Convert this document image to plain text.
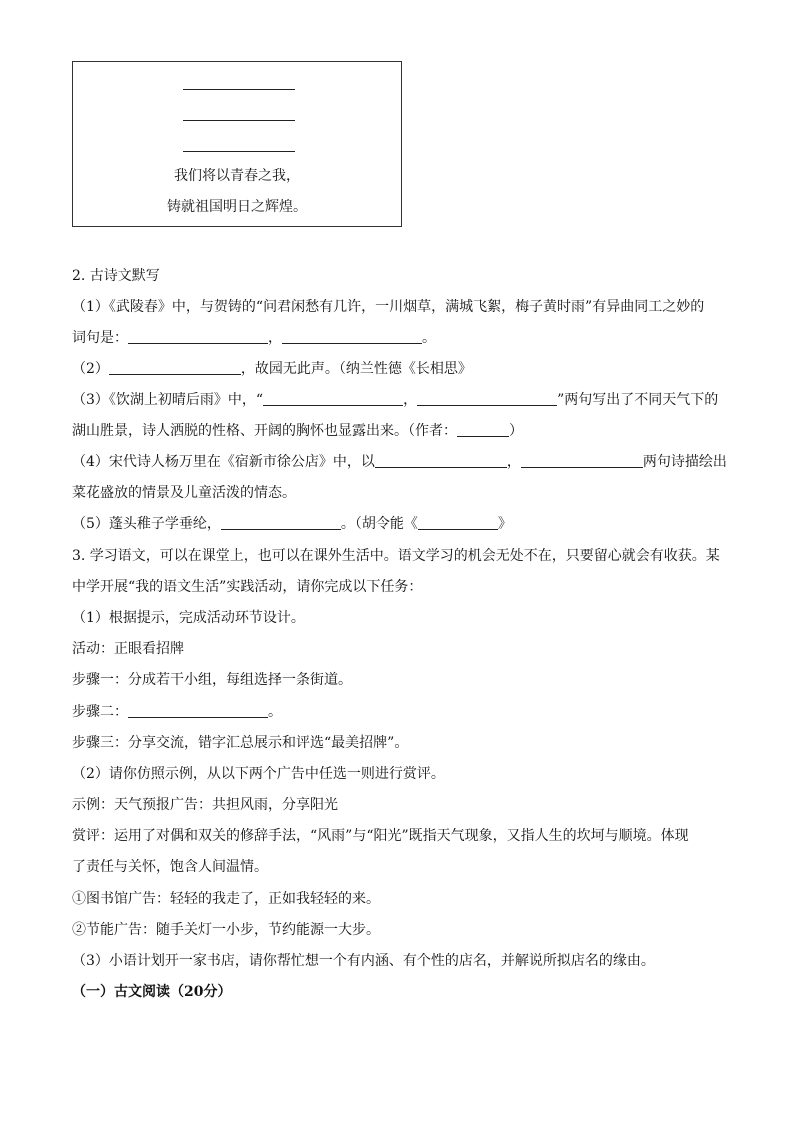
我们将以青春之我，
铸就祖国明日之辉煌。
2. 古诗文默写
（1）《武陵春》中，与贺铸的“问君闲愁有几许，一川烟草，满城飞絮，梅子黄时雨”有异曲同工之妙的
词句是：	，	。
（2）	，故园无此声。（纳兰性德《长相思》
（3）《饮湖上初晴后雨》中，“	，	”两句写出了不同天气下的
湖山胜景，诗人洒脱的性格、开阔的胸怀也显露出来。（作者：	）
（4）宋代诗人杨万里在《宿新市徐公店》中，以	，	两句诗描绘出
菜花盛放的情景及儿童活泼的情态。
（5）蓬头稚子学垂纶，	。（胡令能《	》
3. 学习语文，可以在课堂上，也可以在课外生活中。语文学习的机会无处不在，只要留心就会有收获。某
中学开展“我的语文生活”实践活动，请你完成以下任务：
（1）根据提示，完成活动环节设计。
活动：正眼看招牌
步骤一：分成若干小组，每组选择一条街道。
步骤二：	。
步骤三：分享交流，错字汇总展示和评选“最美招牌”。
（2）请你仿照示例，从以下两个广告中任选一则进行赏评。
示例：天气预报广告：共担风雨，分享阳光
赏评：运用了对偶和双关的修辞手法，“风雨”与“阳光”既指天气现象，又指人生的坎坷与顺境。体现
了责任与关怀，饱含人间温情。
①图书馆广告：轻轻的我走了，正如我轻轻的来。
②节能广告：随手关灯一小步，节约能源一大步。
（3）小语计划开一家书店，请你帮忙想一个有内涵、有个性的店名，并解说所拟店名的缘由。
（一）古文阅读（20分）
